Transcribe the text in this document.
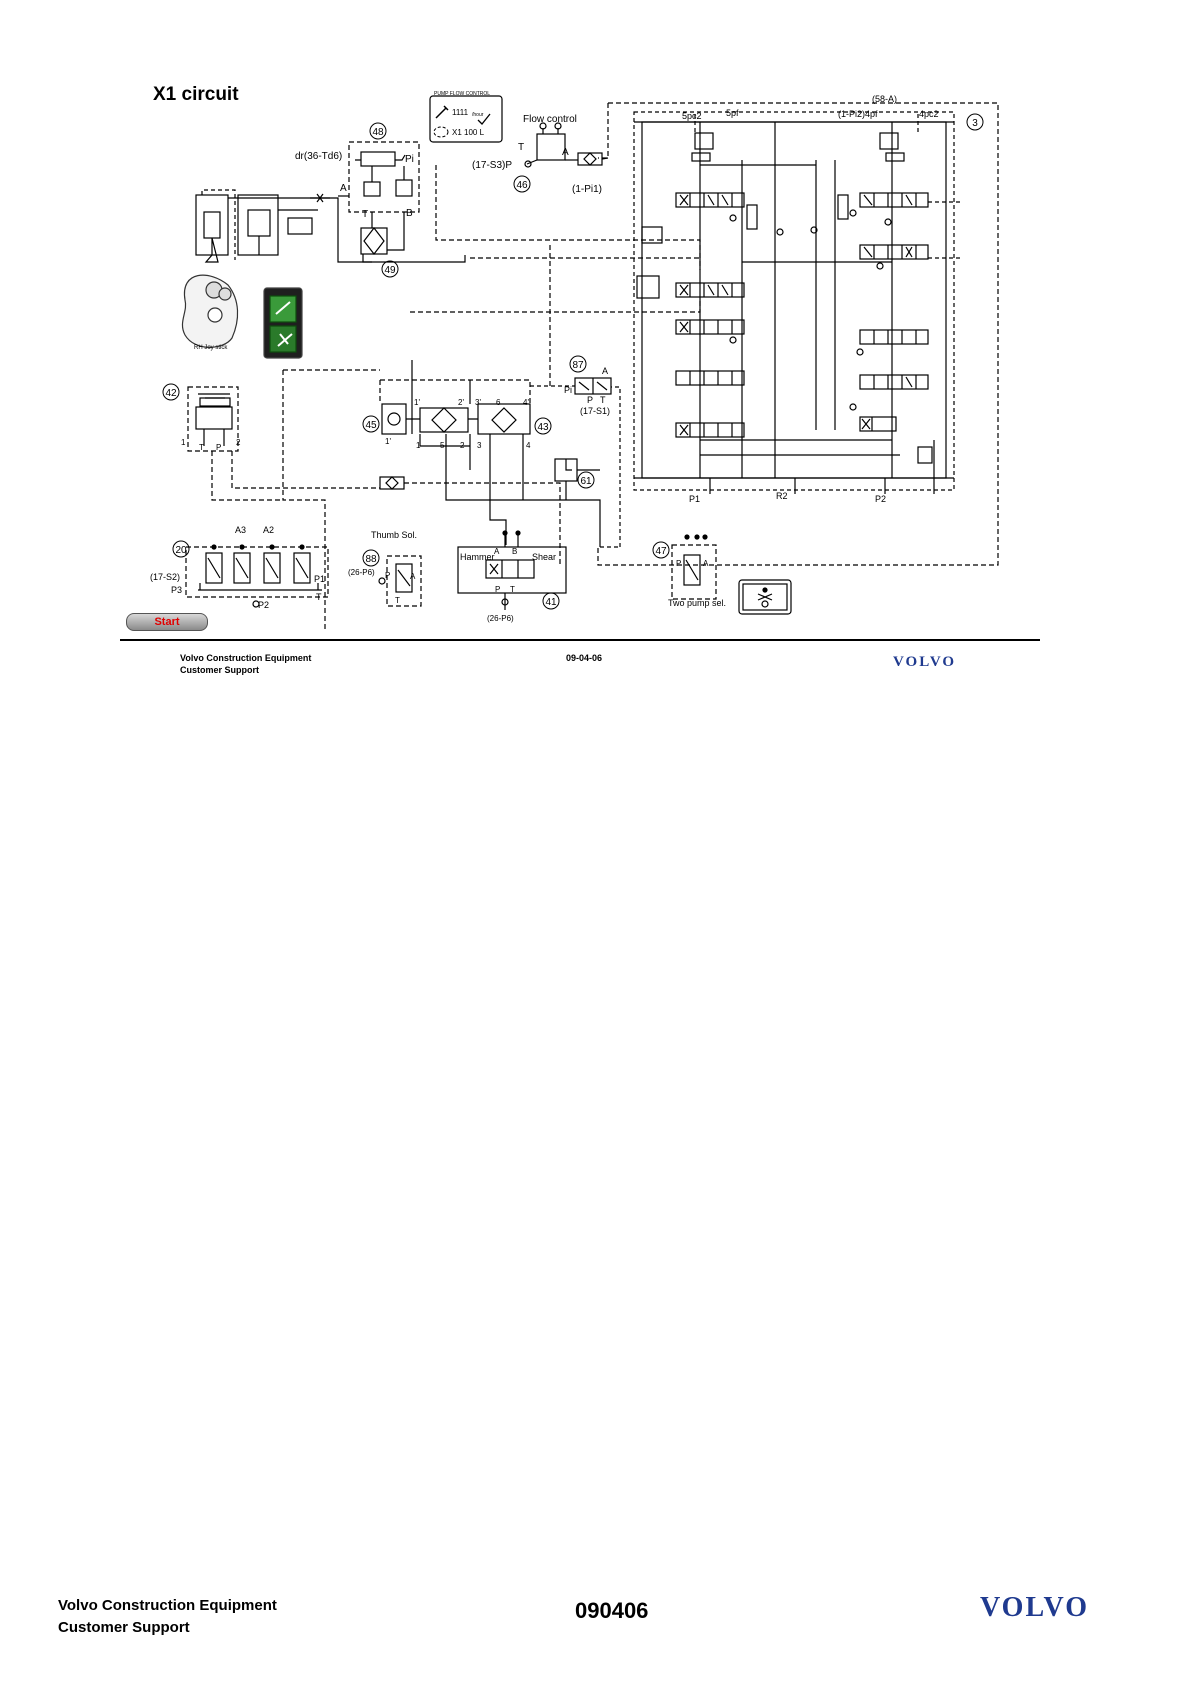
X1 circuit
48
49
46
42
45	43
87
61
20
88
41
47
3
PUMP FLOW CONTROL
1111 /hour
X1 100 L
Flow control
dr(36-Td6)	Pi
A
T	B
T	A
(17-S3)P
(1-Pi1)
(58-A)
5pc2	5pf	(1-Pi2)4pf	4pc2
RH Joy stick
Pi
A
P T
(17-S1)
P1	R2	P2
1
T P
2
1'	2' 3' 6	4'
1'	1 5 2 3	4
A3 A2
(17-S2)
P3
P1
P2
T
Thumb Sol.
(26-P6) P A
T
Hammer	Shear
A B
P T
(26-P6)
P	A
Two pump sel.
Start
Volvo Construction Equipment
Customer Support
09-04-06	VOLVO
Volvo Construction Equipment
Customer Support
090406	VOLVO
